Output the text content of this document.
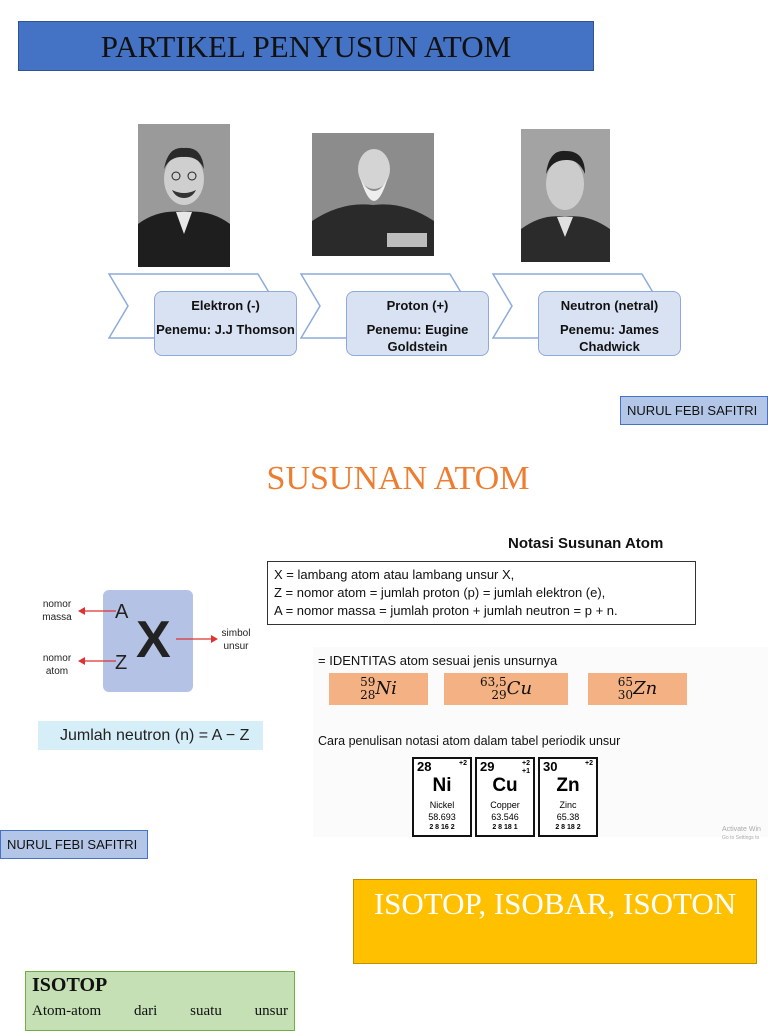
PARTIKEL PENYUSUN ATOM
Elektron (-)
Penemu: J.J Thomson
Proton (+)
Penemu: Eugine Goldstein
Neutron (netral)
Penemu: James Chadwick
NURUL FEBI SAFITRI
SUSUNAN ATOM
Notasi Susunan Atom
X = lambang atom atau lambang unsur X,
Z = nomor atom = jumlah proton (p) = jumlah elektron (e),
A = nomor massa = jumlah proton + jumlah neutron = p + n.
A
Z X
nomor massa
nomor atom
simbol unsur
Jumlah neutron (n) = A − Z
= IDENTITAS atom sesuai jenis unsurnya
59
28Ni	63,5
29Cu	65
30Zn
Cara penulisan notasi atom dalam tabel periodik unsur
28	+2
Ni
Nickel
58.693
2 8 16 2
29	+2
+1
Cu
Copper
63.546
2 8 18 1
30	+2
Zn
Zinc
65.38
2 8 18 2	Activate Win
Go to Settings to
NURUL FEBI SAFITRI
ISOTOP, ISOBAR, ISOTON
ISOTOP
Atom-atom dari suatu unsur
